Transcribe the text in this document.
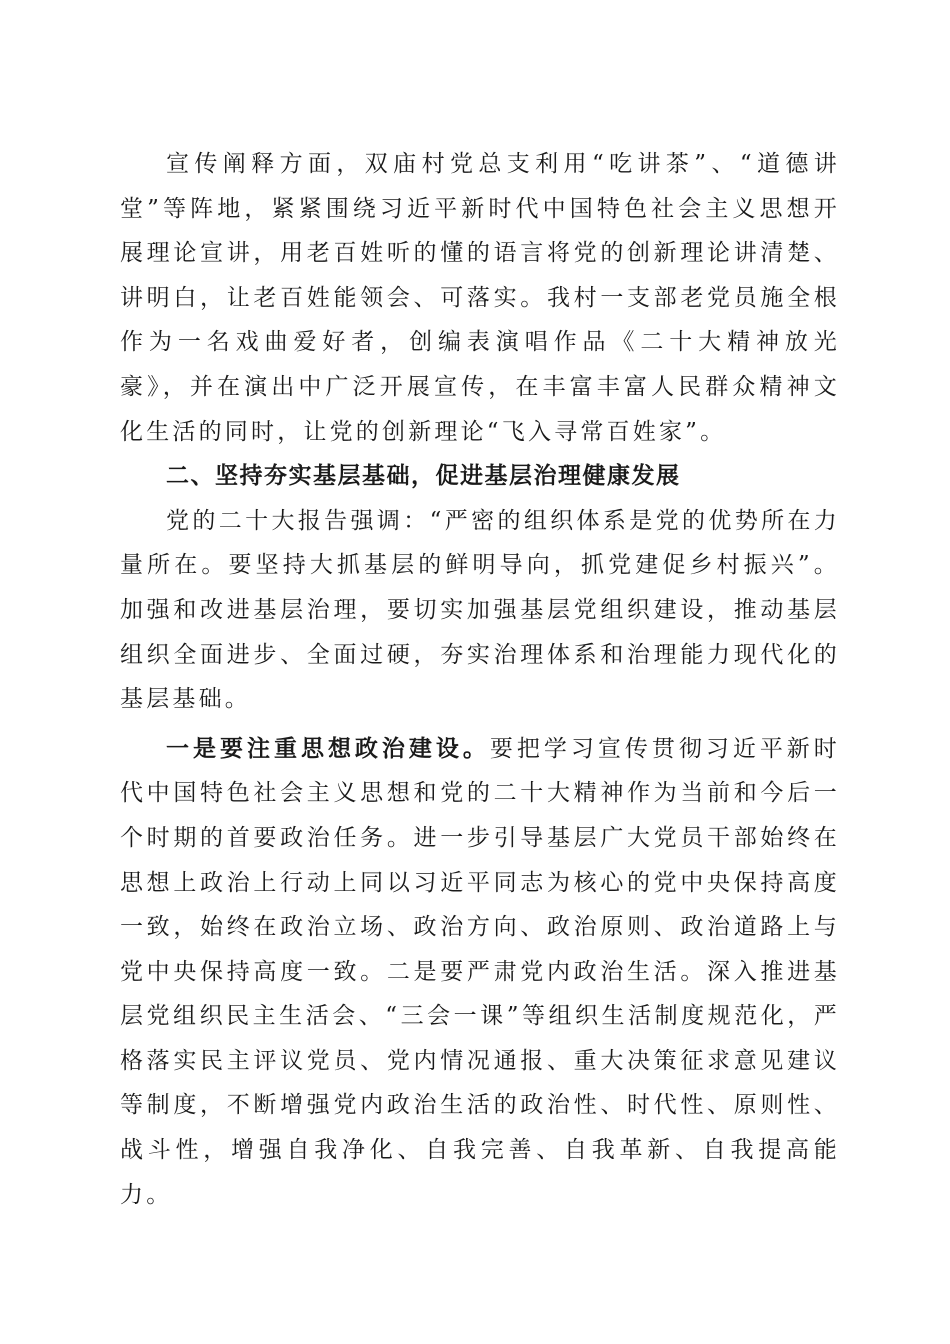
宣传阐释方面，双庙村党总支利用“吃讲茶”、“道德讲堂”等阵地，紧紧围绕习近平新时代中国特色社会主义思想开展理论宣讲，用老百姓听的懂的语言将党的创新理论讲清楚、讲明白，让老百姓能领会、可落实。我村一支部老党员施全根作为一名戏曲爱好者，创编表演唱作品《二十大精神放光豪》，并在演出中广泛开展宣传，在丰富丰富人民群众精神文化生活的同时，让党的创新理论“飞入寻常百姓家”。

二、坚持夯实基层基础，促进基层治理健康发展

党的二十大报告强调：“严密的组织体系是党的优势所在力量所在。要坚持大抓基层的鲜明导向，抓党建促乡村振兴”。加强和改进基层治理，要切实加强基层党组织建设，推动基层组织全面进步、全面过硬，夯实治理体系和治理能力现代化的基层基础。

一是要注重思想政治建设。要把学习宣传贯彻习近平新时代中国特色社会主义思想和党的二十大精神作为当前和今后一个时期的首要政治任务。进一步引导基层广大党员干部始终在思想上政治上行动上同以习近平同志为核心的党中央保持高度一致，始终在政治立场、政治方向、政治原则、政治道路上与党中央保持高度一致。二是要严肃党内政治生活。深入推进基层党组织民主生活会、“三会一课”等组织生活制度规范化，严格落实民主评议党员、党内情况通报、重大决策征求意见建议等制度，不断增强党内政治生活的政治性、时代性、原则性、战斗性，增强自我净化、自我完善、自我革新、自我提高能力。
